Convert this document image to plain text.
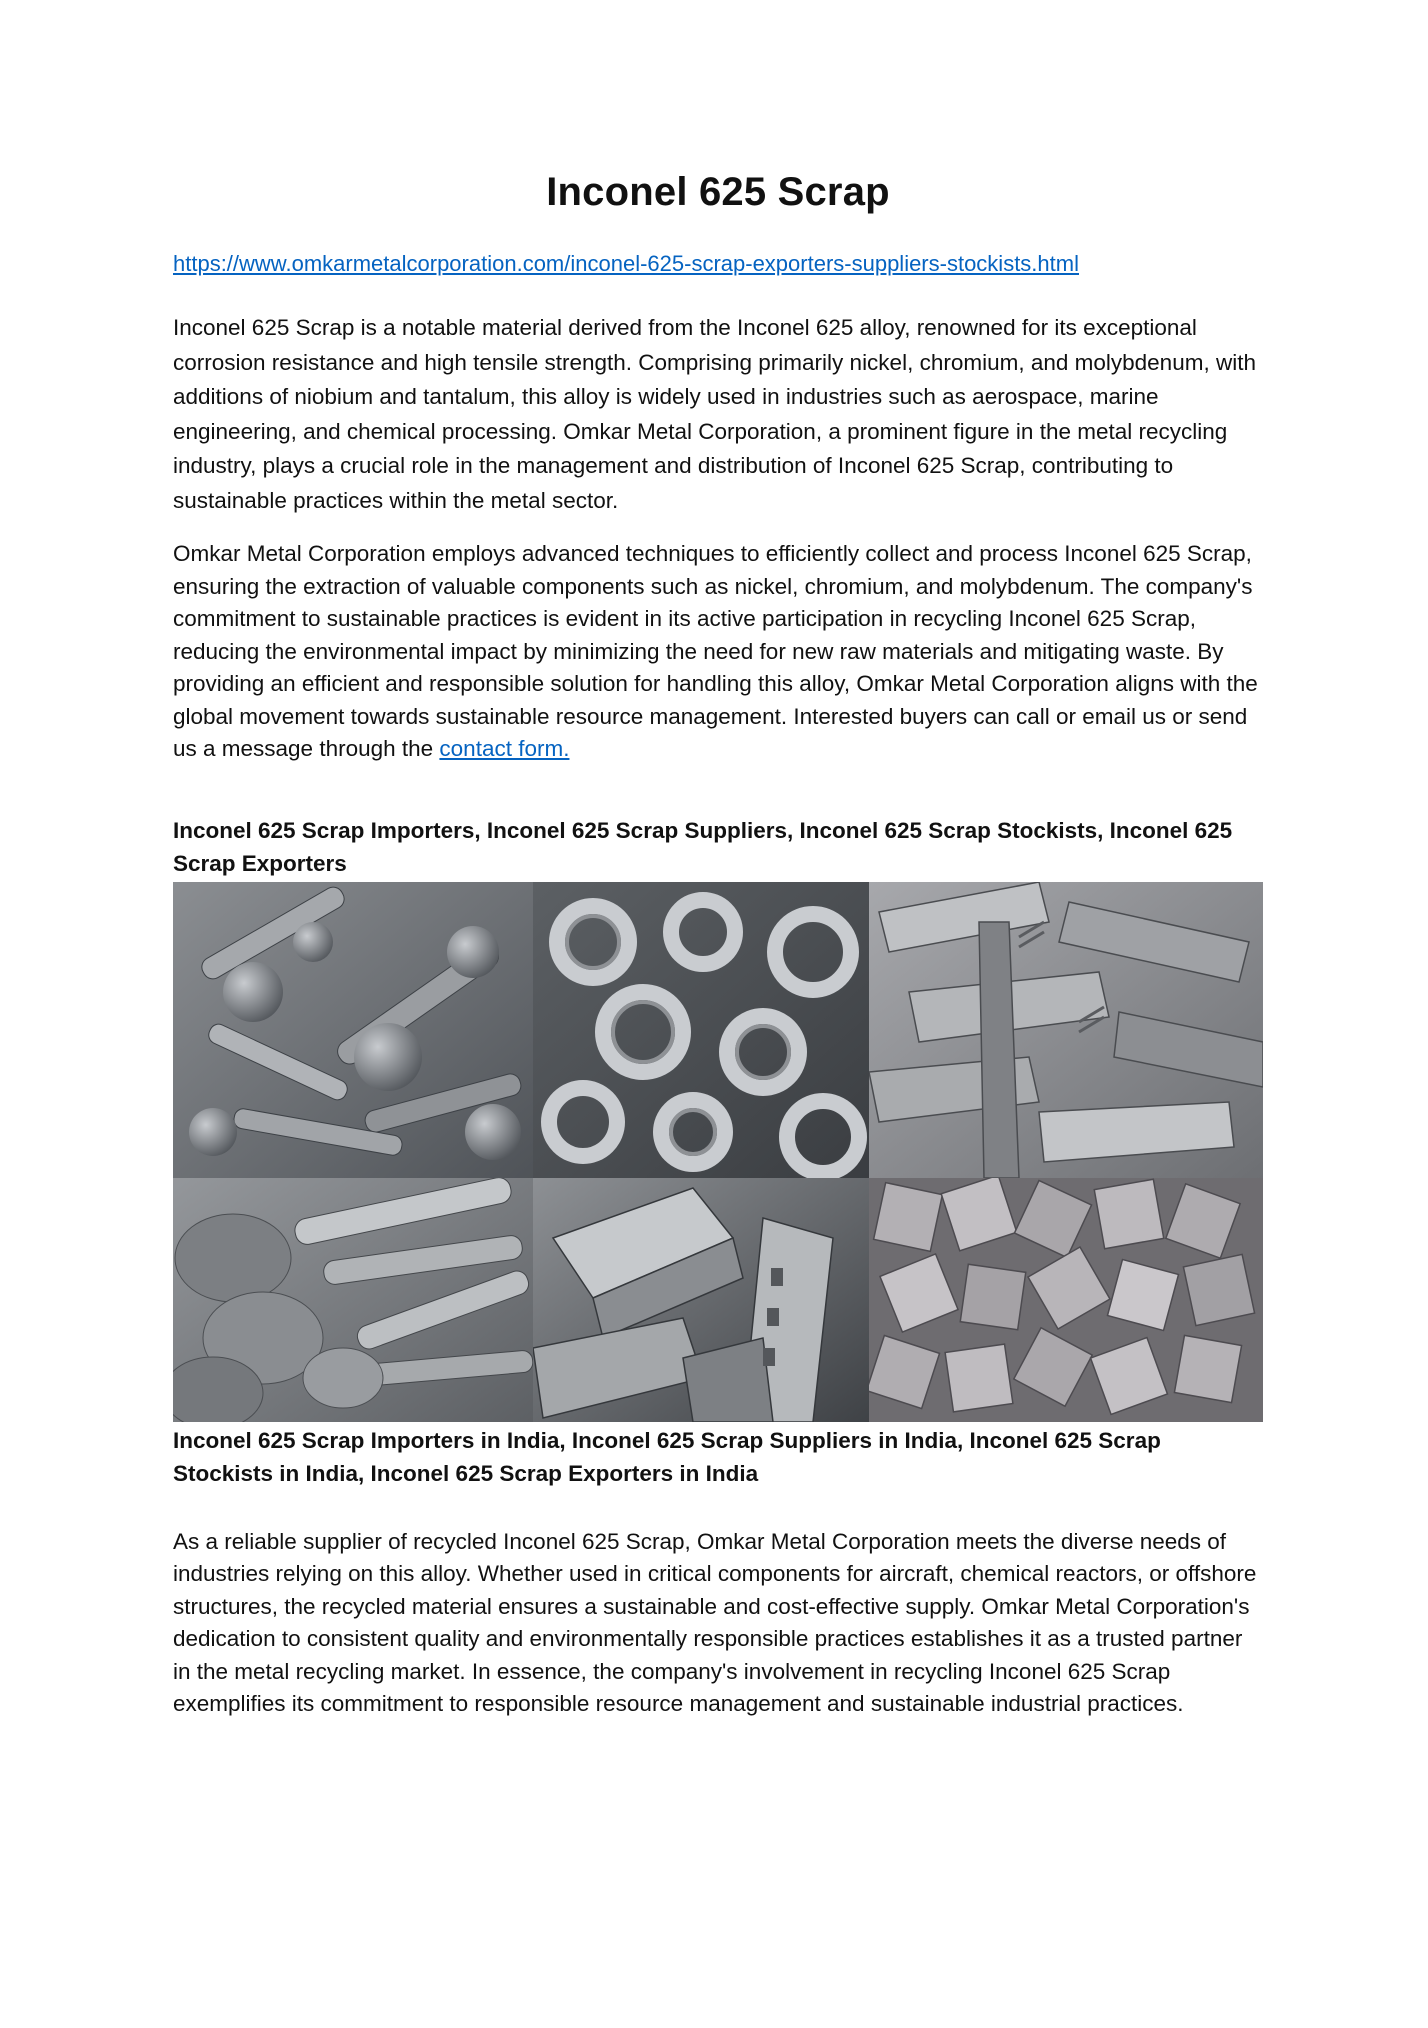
Inconel 625 Scrap
https://www.omkarmetalcorporation.com/inconel-625-scrap-exporters-suppliers-stockists.html

Inconel 625 Scrap is a notable material derived from the Inconel 625 alloy, renowned for its exceptional corrosion resistance and high tensile strength. Comprising primarily nickel, chromium, and molybdenum, with additions of niobium and tantalum, this alloy is widely used in industries such as aerospace, marine engineering, and chemical processing. Omkar Metal Corporation, a prominent figure in the metal recycling industry, plays a crucial role in the management and distribution of Inconel 625 Scrap, contributing to sustainable practices within the metal sector.

Omkar Metal Corporation employs advanced techniques to efficiently collect and process Inconel 625 Scrap, ensuring the extraction of valuable components such as nickel, chromium, and molybdenum. The company's commitment to sustainable practices is evident in its active participation in recycling Inconel 625 Scrap, reducing the environmental impact by minimizing the need for new raw materials and mitigating waste. By providing an efficient and responsible solution for handling this alloy, Omkar Metal Corporation aligns with the global movement towards sustainable resource management. Interested buyers can call or email us or send us a message through the contact form.

Inconel 625 Scrap Importers, Inconel 625 Scrap Suppliers, Inconel 625 Scrap Stockists, Inconel 625 Scrap Exporters

Inconel 625 Scrap Importers in India, Inconel 625 Scrap Suppliers in India, Inconel 625 Scrap Stockists in India, Inconel 625 Scrap Exporters in India

As a reliable supplier of recycled Inconel 625 Scrap, Omkar Metal Corporation meets the diverse needs of industries relying on this alloy. Whether used in critical components for aircraft, chemical reactors, or offshore structures, the recycled material ensures a sustainable and cost-effective supply. Omkar Metal Corporation's dedication to consistent quality and environmentally responsible practices establishes it as a trusted partner in the metal recycling market. In essence, the company's involvement in recycling Inconel 625 Scrap exemplifies its commitment to responsible resource management and sustainable industrial practices.
